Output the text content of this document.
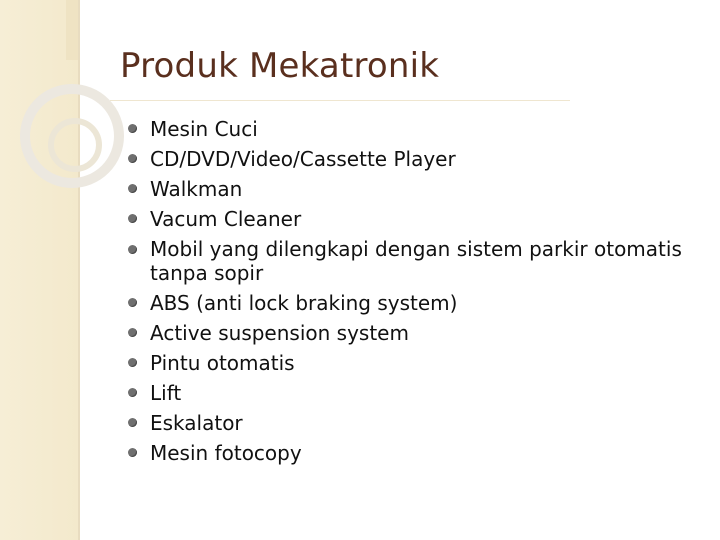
Produk Mekatronik
Mesin Cuci
CD/DVD/Video/Cassette Player
Walkman
Vacum Cleaner
Mobil yang dilengkapi dengan sistem parkir otomatis tanpa sopir
ABS (anti lock braking system)
Active suspension system
Pintu otomatis
Lift
Eskalator
Mesin fotocopy
